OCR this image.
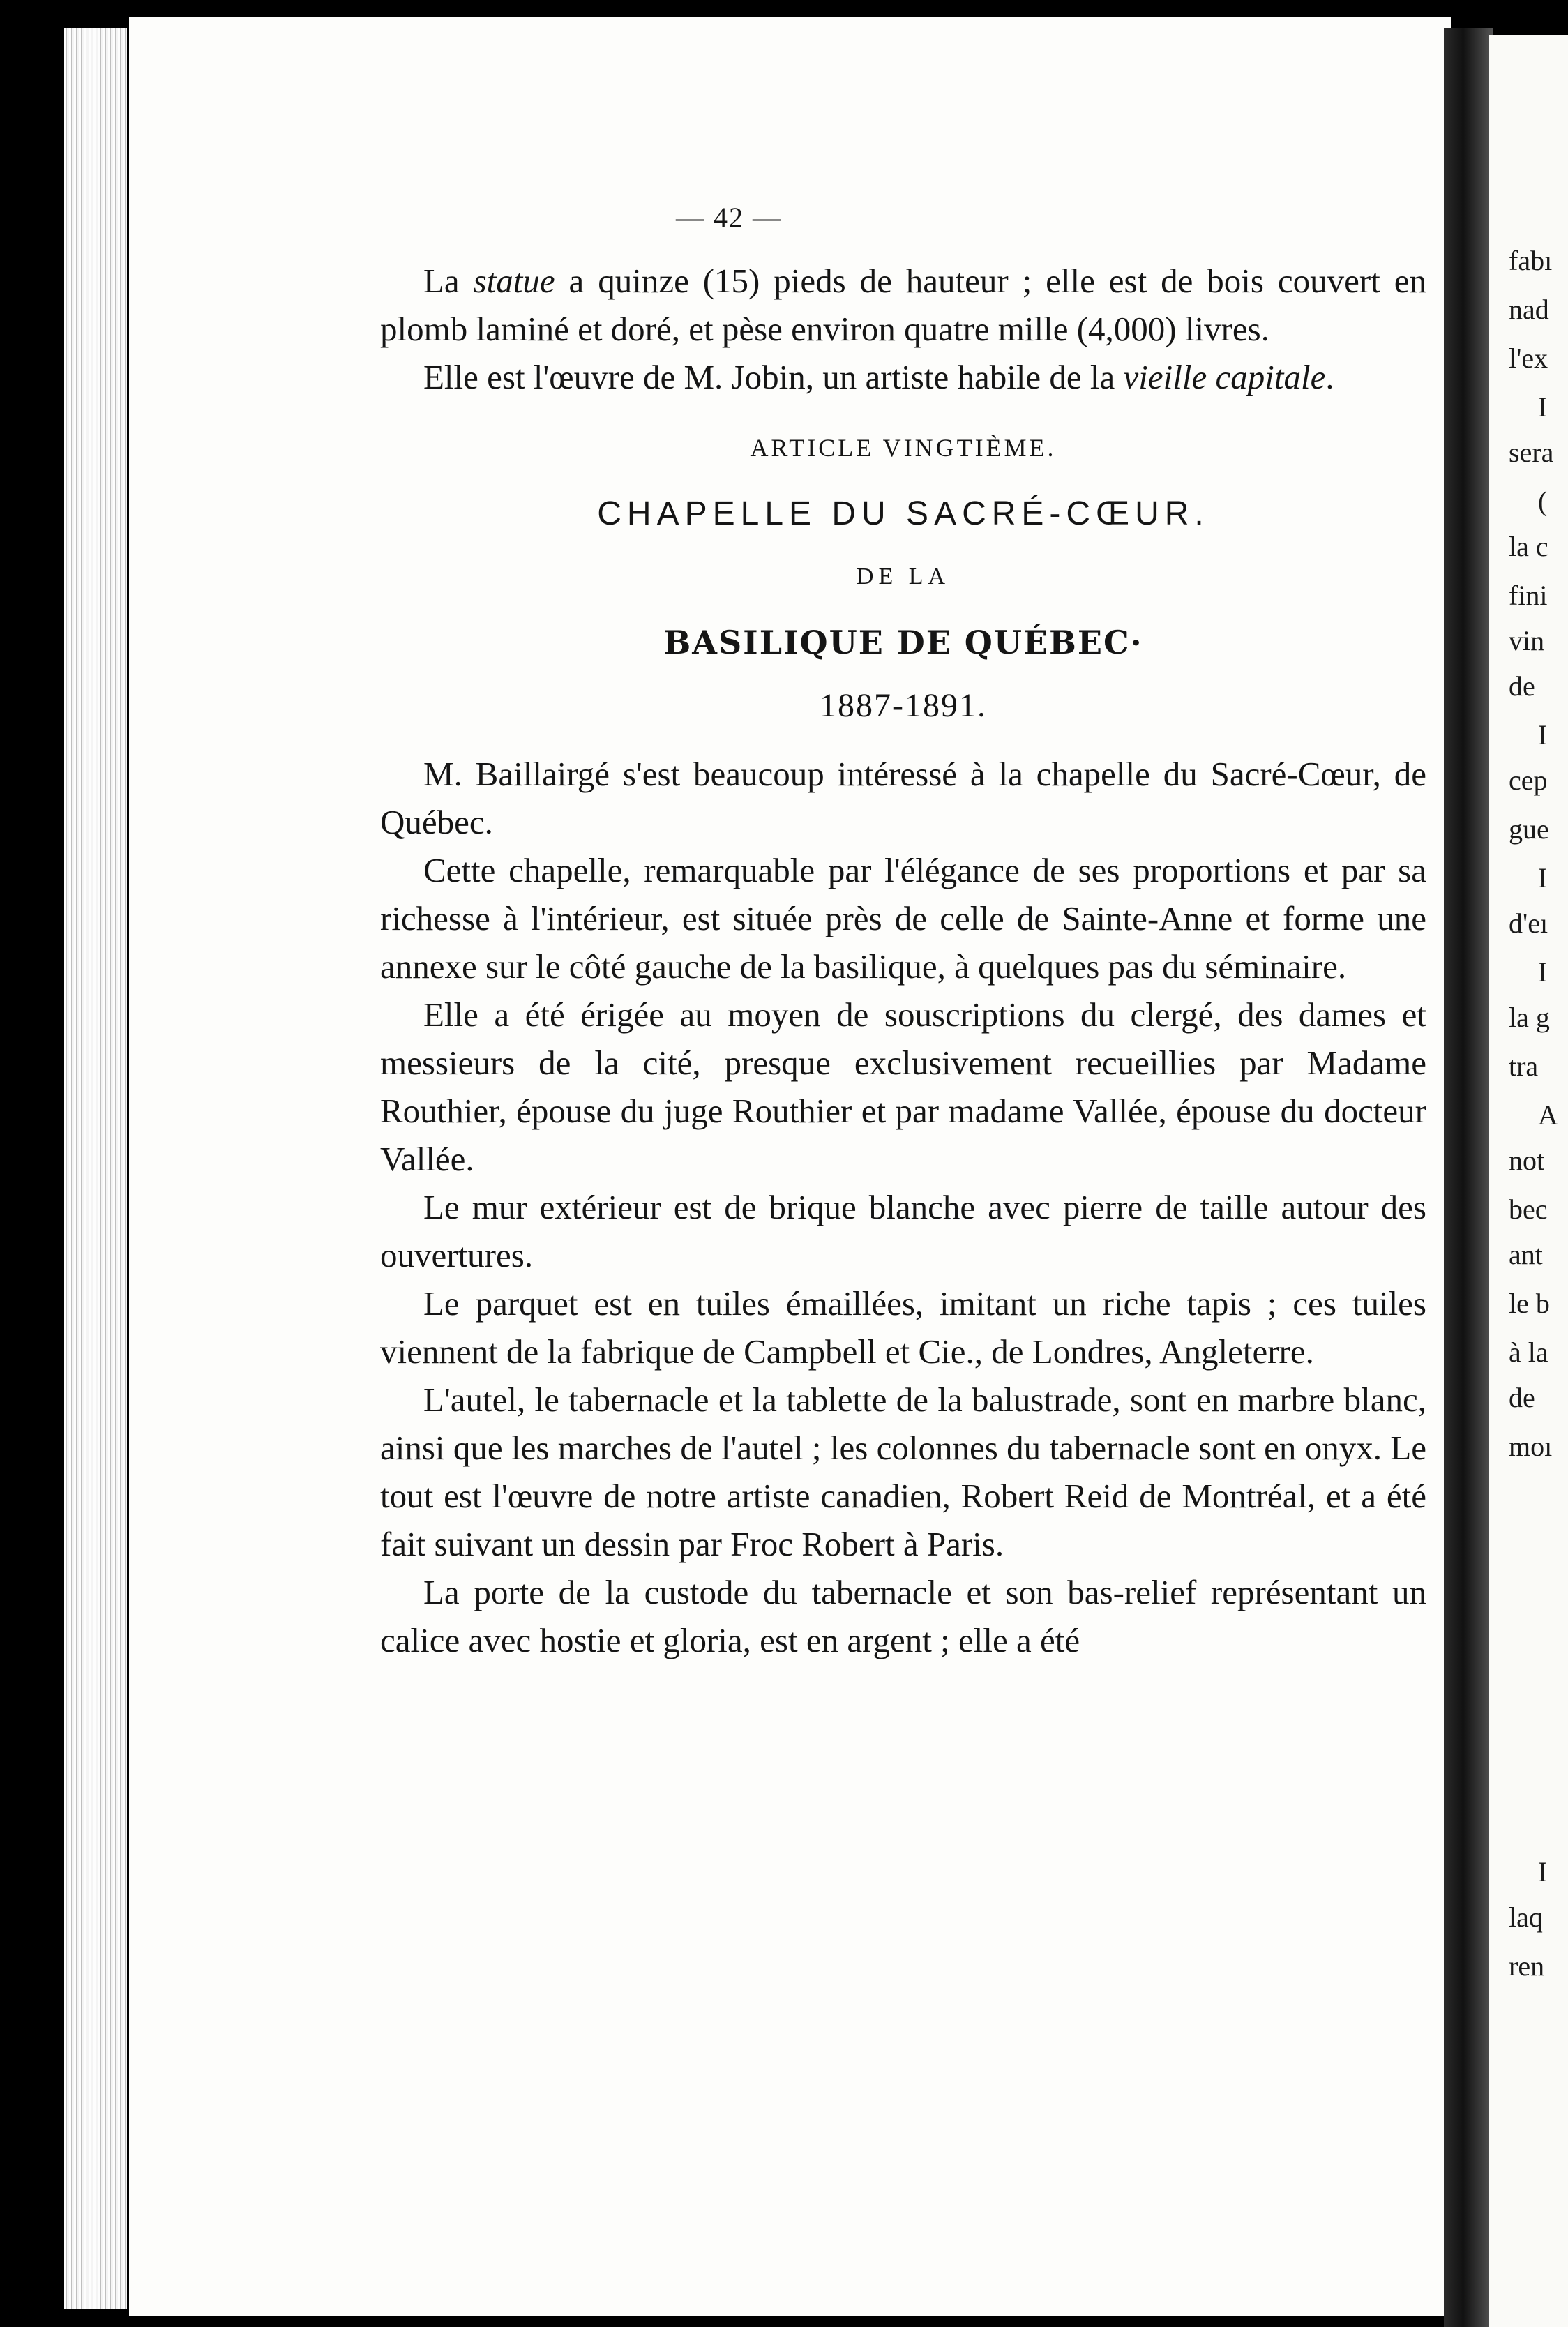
fabı
nad
l'ex
I
sera
(
la c
fini
vin
de
I
cep
gue
I
d'eı
I
la g
tra
A
not
bec
ant
le b
à la
de
moı
I
laq
ren
— 42 —

La statue a quinze (15) pieds de hauteur ; elle est de bois couvert en plomb laminé et doré, et pèse environ quatre mille (4,000) livres.

Elle est l'œuvre de M. Jobin, un artiste habile de la vieille capitale.

ARTICLE VINGTIÈME.
CHAPELLE DU SACRÉ-CŒUR.
DE LA
BASILIQUE DE QUÉBEC·
1887-1891.

M. Baillairgé s'est beaucoup intéressé à la chapelle du Sacré-Cœur, de Québec.

Cette chapelle, remarquable par l'élégance de ses proportions et par sa richesse à l'intérieur, est située près de celle de Sainte-Anne et forme une annexe sur le côté gauche de la basilique, à quelques pas du séminaire.

Elle a été érigée au moyen de souscriptions du clergé, des dames et messieurs de la cité, presque exclusivement recueillies par Madame Routhier, épouse du juge Routhier et par madame Vallée, épouse du docteur Vallée.

Le mur extérieur est de brique blanche avec pierre de taille autour des ouvertures.

Le parquet est en tuiles émaillées, imitant un riche tapis ; ces tuiles viennent de la fabrique de Campbell et Cie., de Londres, Angleterre.

L'autel, le tabernacle et la tablette de la balustrade, sont en marbre blanc, ainsi que les marches de l'autel ; les colonnes du tabernacle sont en onyx. Le tout est l'œuvre de notre artiste canadien, Robert Reid de Montréal, et a été fait suivant un dessin par Froc Robert à Paris.

La porte de la custode du tabernacle et son bas-relief représentant un calice avec hostie et gloria, est en argent ; elle a été
